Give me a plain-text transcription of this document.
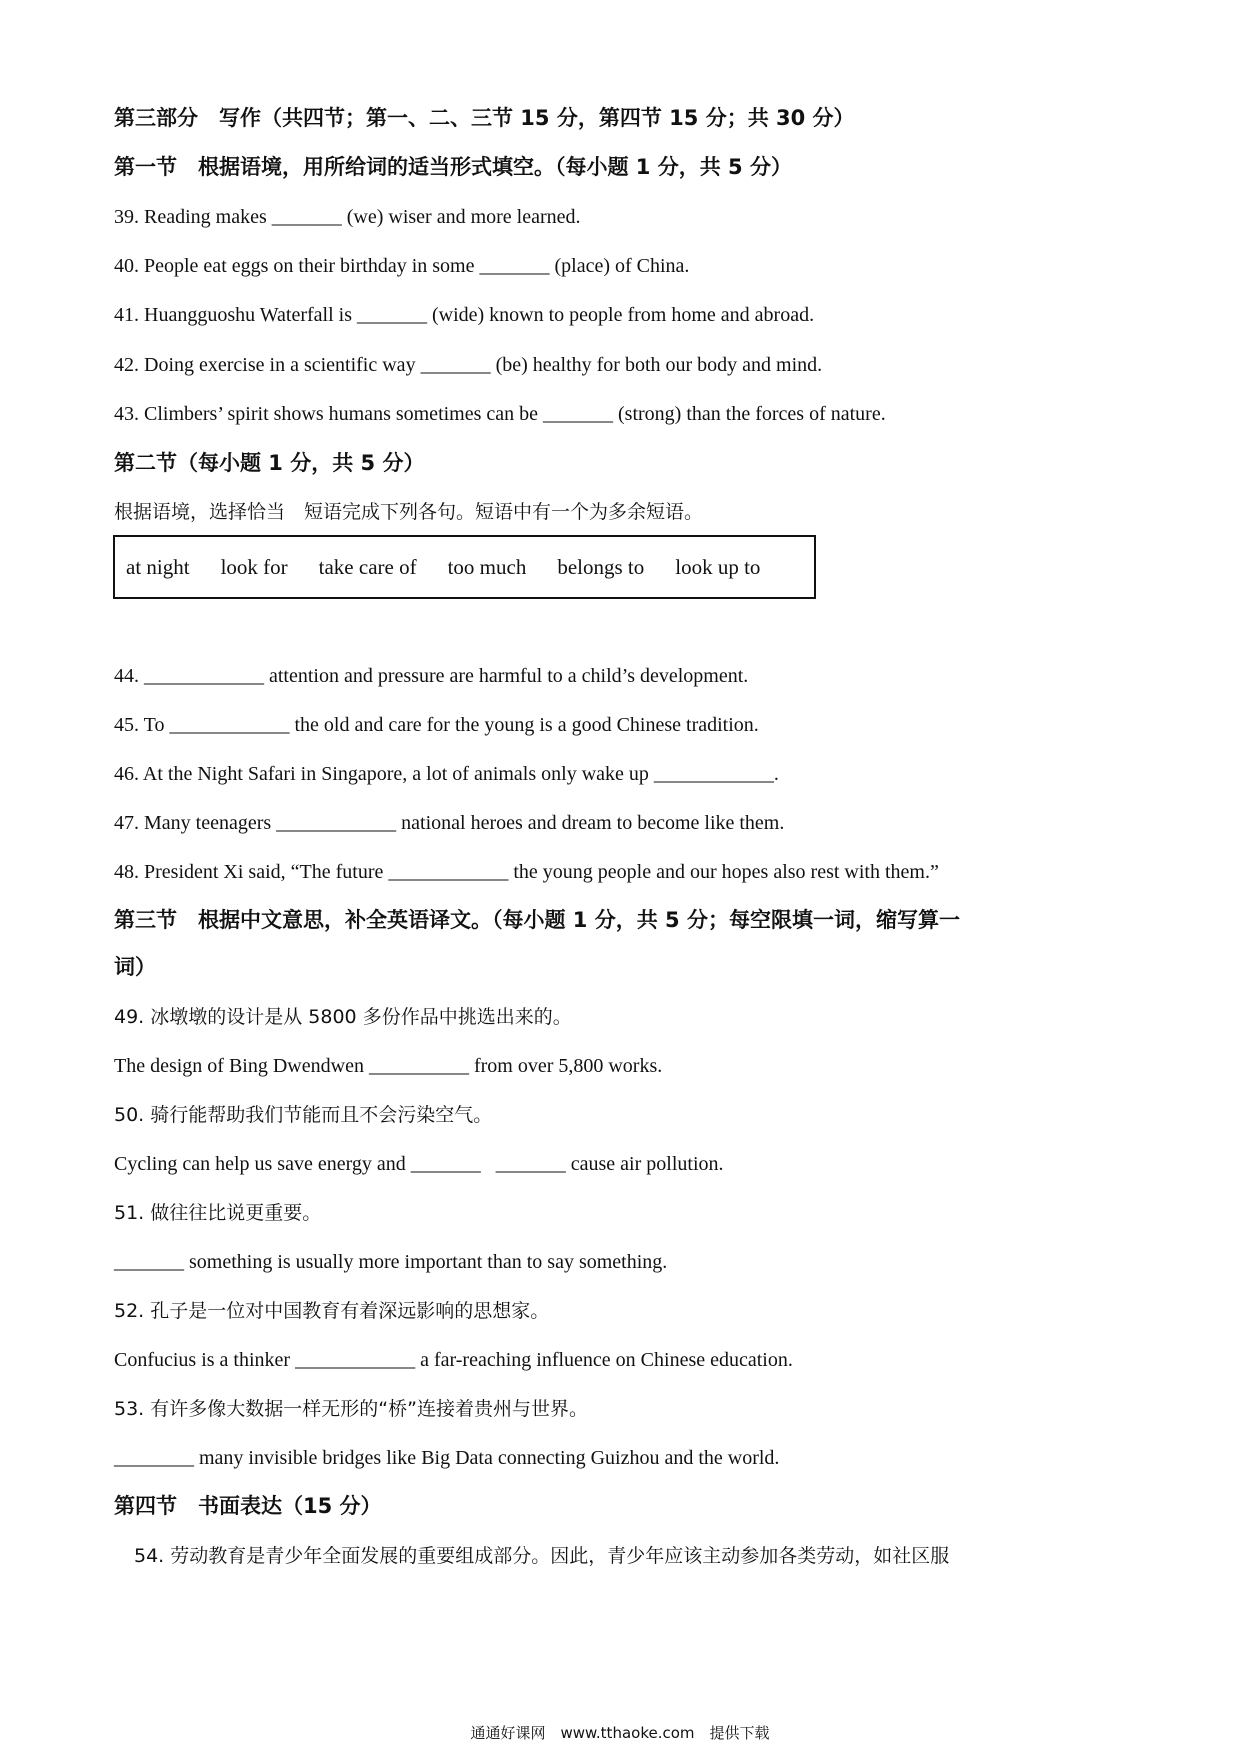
第三部分　写作（共四节；第一、二、三节 15 分，第四节 15 分；共 30 分）
第一节　根据语境，用所给词的适当形式填空。（每小题 1 分，共 5 分）
39. Reading makes _______ (we) wiser and more learned.
40. People eat eggs on their birthday in some _______ (place) of China.
41. Huangguoshu Waterfall is _______ (wide) known to people from home and abroad.
42. Doing exercise in a scientific way _______ (be) healthy for both our body and mind.
43. Climbers’ spirit shows humans sometimes can be _______ (strong) than the forces of nature.
第二节（每小题 1 分，共 5 分）
根据语境，选择恰当　短语完成下列各句。短语中有一个为多余短语。
at night look for take care of too much belongs to look up to
44. ____________ attention and pressure are harmful to a child’s development.
45. To ____________ the old and care for the young is a good Chinese tradition.
46. At the Night Safari in Singapore, a lot of animals only wake up ____________.
47. Many teenagers ____________ national heroes and dream to become like them.
48. President Xi said, “The future ____________ the young people and our hopes also rest with them.”
第三节　根据中文意思，补全英语译文。（每小题 1 分，共 5 分；每空限填一词，缩写算一
词）
49. 冰墩墩的设计是从 5800 多份作品中挑选出来的。
The design of Bing Dwendwen __________ from over 5,800 works.
50. 骑行能帮助我们节能而且不会污染空气。
Cycling can help us save energy and _______   _______ cause air pollution.
51. 做往往比说更重要。
_______ something is usually more important than to say something.
52. 孔子是一位对中国教育有着深远影响的思想家。
Confucius is a thinker ____________ a far-reaching influence on Chinese education.
53. 有许多像大数据一样无形的“桥”连接着贵州与世界。
________ many invisible bridges like Big Data connecting Guizhou and the world.
第四节　书面表达（15 分）
54. 劳动教育是青少年全面发展的重要组成部分。因此，青少年应该主动参加各类劳动，如社区服
通通好课网　www.tthaoke.com　提供下载
